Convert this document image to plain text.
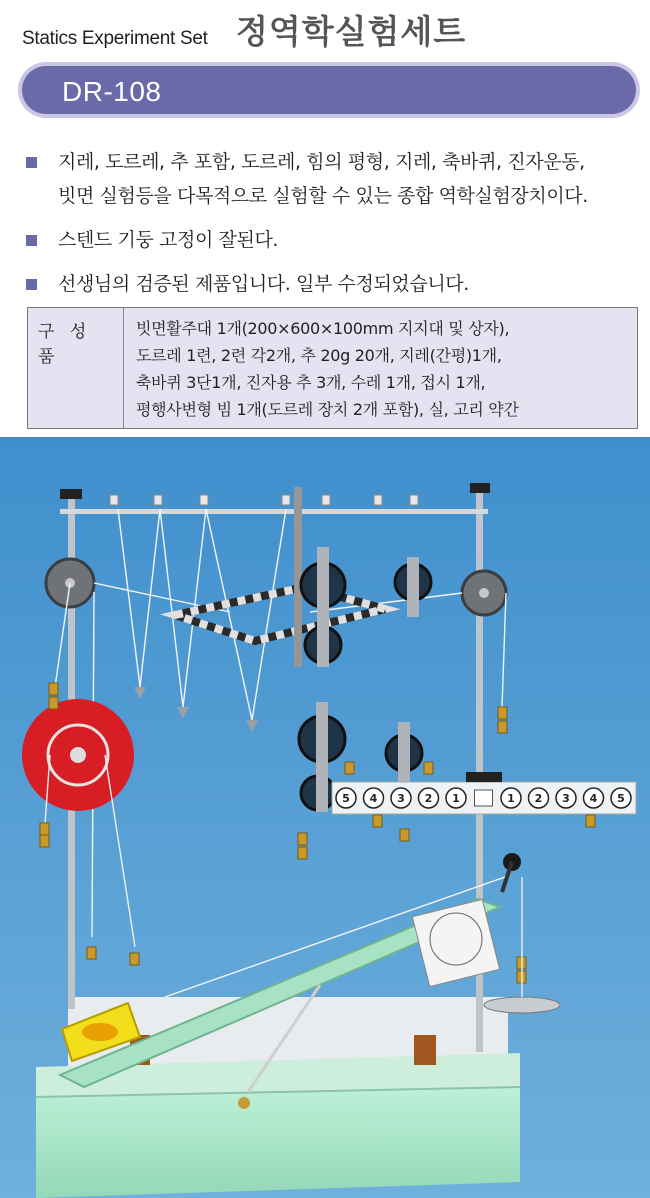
Statics Experiment Set 정역학실험세트
DR-108
지레, 도르레, 추 포함, 도르레, 힘의 평형, 지레, 축바퀴, 진자운동,
빗면 실험등을 다목적으로 실험할 수 있는 종합 역학실험장치이다.
스텐드 기둥 고정이 잘된다.
선생님의 검증된 제품입니다. 일부 수정되었습니다.
구 성 품
빗면활주대 1개(200×600×100mm 지지대 및 상자),
도르레 1련, 2련 각2개, 추 20g 20개, 지레(간평)1개,
축바퀴 3단1개, 진자용 추 3개, 수레 1개, 접시 1개,
평행사변형 빔 1개(도르레 장치 2개 포함), 실, 고리 약간
5 4 3 2 1	1 2 3 4 5
